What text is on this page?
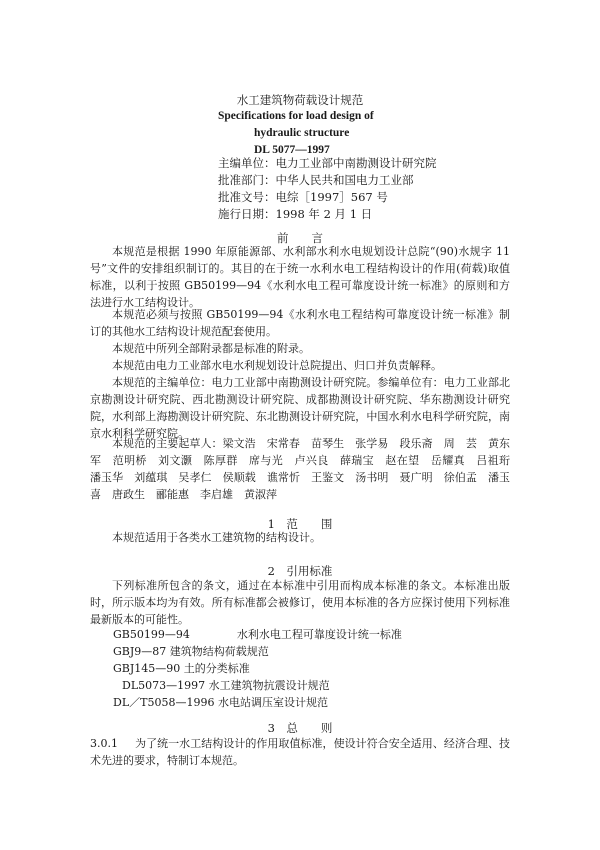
水工建筑物荷载设计规范
Specifications for load design of
hydraulic structure
DL 5077—1997
主编单位：电力工业部中南勘测设计研究院
批准部门：中华人民共和国电力工业部
批准文号：电综［1997］567 号
施行日期：1998 年 2 月 1 日
前　　言
本规范是根据 1990 年原能源部、水利部水利水电规划设计总院“(90)水规字 11 号”文件的安排组织制订的。其目的在于统一水利水电工程结构设计的作用(荷载)取值标准，以利于按照 GB50199—94《水利水电工程可靠度设计统一标准》的原则和方法进行水工结构设计。
本规范必须与按照 GB50199—94《水利水电工程结构可靠度设计统一标准》制订的其他水工结构设计规范配套使用。
本规范中所列全部附录都是标准的附录。
本规范由电力工业部水电水利规划设计总院提出、归口并负责解释。
本规范的主编单位：电力工业部中南勘测设计研究院。参编单位有：电力工业部北京勘测设计研究院、西北勘测设计研究院、成都勘测设计研究院、华东勘测设计研究院，水利部上海勘测设计研究院、东北勘测设计研究院，中国水利水电科学研究院，南京水利科学研究院。
本规范的主要起草人：梁文浩　宋常春　苗琴生　张学易　段乐斋　周　芸　黄东军　范明桥　刘文灏　陈厚群　席与光　卢兴良　薛瑞宝　赵在望　岳耀真　吕祖珩　潘玉华　刘蕴琪　吴孝仁　侯顺载　谯常忻　王鉴文　汤书明　聂广明　徐伯孟　潘玉喜　唐政生　郦能惠　李启雄　黄淑萍
1　范　　围
本规范适用于各类水工建筑物的结构设计。
2　引用标准
下列标准所包含的条文，通过在本标准中引用而构成本标准的条文。本标准出版时，所示版本均为有效。所有标准都会被修订，使用本标准的各方应探讨使用下列标准最新版本的可能性。
GB50199—94	水利水电工程可靠度设计统一标准
GBJ9—87 建筑物结构荷载规范
GBJ145—90 土的分类标准
DL5073—1997 水工建筑物抗震设计规范
DL／T5058—1996 水电站调压室设计规范
3　总　　则
3.0.1 为了统一水工结构设计的作用取值标准，使设计符合安全适用、经济合理、技术先进的要求，特制订本规范。
